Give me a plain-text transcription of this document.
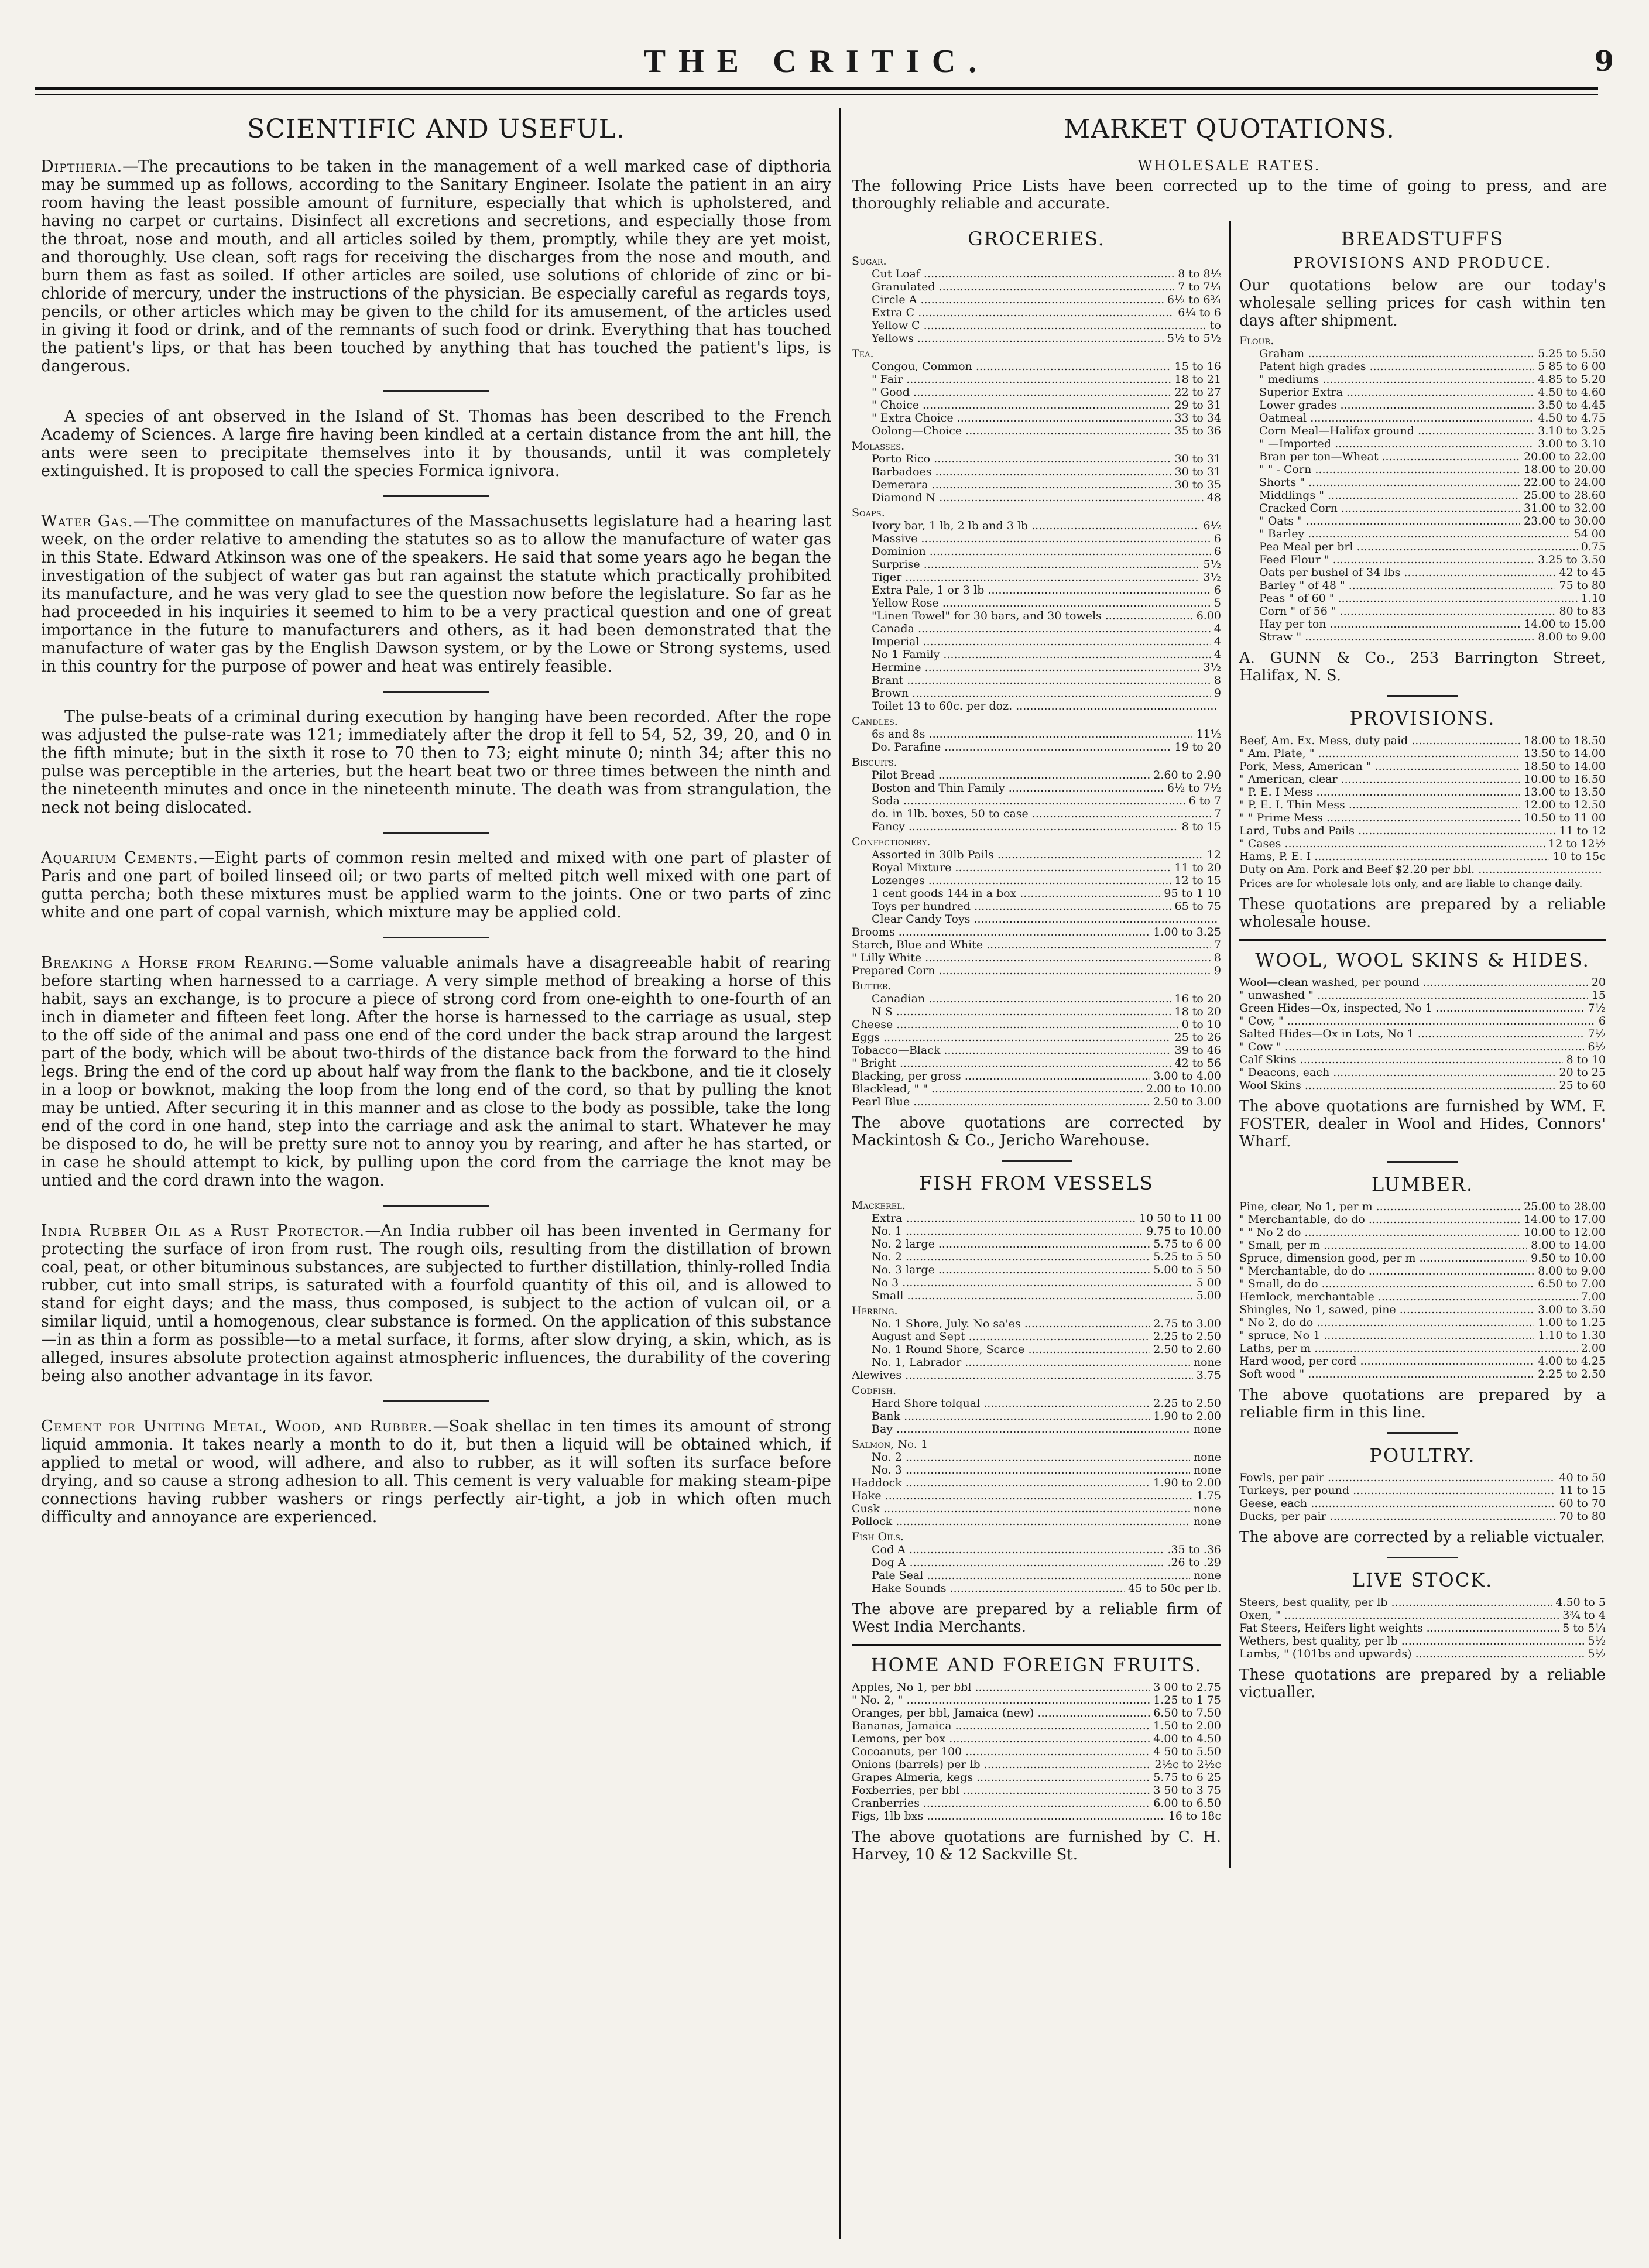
THE CRITIC.	9
SCIENTIFIC AND USEFUL.

Diptheria.—The precautions to be taken in the management of a well marked case of dipthoria may be summed up as follows, according to the Sanitary Engineer. Isolate the patient in an airy room having the least possible amount of furniture, especially that which is upholstered, and having no carpet or curtains. Disinfect all excretions and secretions, and especially those from the throat, nose and mouth, and all articles soiled by them, promptly, while they are yet moist, and thoroughly. Use clean, soft rags for receiving the discharges from the nose and mouth, and burn them as fast as soiled. If other articles are soiled, use solutions of chloride of zinc or bi-chloride of mercury, under the instructions of the physician. Be especially careful as regards toys, pencils, or other articles which may be given to the child for its amusement, of the articles used in giving it food or drink, and of the remnants of such food or drink. Everything that has touched the patient's lips, or that has been touched by anything that has touched the patient's lips, is dangerous.

A species of ant observed in the Island of St. Thomas has been described to the French Academy of Sciences. A large fire having been kindled at a certain distance from the ant hill, the ants were seen to precipitate themselves into it by thousands, until it was completely extinguished. It is proposed to call the species Formica ignivora.

Water Gas.—The committee on manufactures of the Massachusetts legislature had a hearing last week, on the order relative to amending the statutes so as to allow the manufacture of water gas in this State. Edward Atkinson was one of the speakers. He said that some years ago he began the investigation of the subject of water gas but ran against the statute which practically prohibited its manufacture, and he was very glad to see the question now before the legislature. So far as he had proceeded in his inquiries it seemed to him to be a very practical question and one of great importance in the future to manufacturers and others, as it had been demonstrated that the manufacture of water gas by the English Dawson system, or by the Lowe or Strong systems, used in this country for the purpose of power and heat was entirely feasible.

The pulse-beats of a criminal during execution by hanging have been recorded. After the rope was adjusted the pulse-rate was 121; immediately after the drop it fell to 54, 52, 39, 20, and 0 in the fifth minute; but in the sixth it rose to 70 then to 73; eight minute 0; ninth 34; after this no pulse was perceptible in the arteries, but the heart beat two or three times between the ninth and the nineteenth minutes and once in the nineteenth minute. The death was from strangulation, the neck not being dislocated.

Aquarium Cements.—Eight parts of common resin melted and mixed with one part of plaster of Paris and one part of boiled linseed oil; or two parts of melted pitch well mixed with one part of gutta percha; both these mixtures must be applied warm to the joints. One or two parts of zinc white and one part of copal varnish, which mixture may be applied cold.

Breaking a Horse from Rearing.—Some valuable animals have a disagreeable habit of rearing before starting when harnessed to a carriage. A very simple method of breaking a horse of this habit, says an exchange, is to procure a piece of strong cord from one-eighth to one-fourth of an inch in diameter and fifteen feet long. After the horse is harnessed to the carriage as usual, step to the off side of the animal and pass one end of the cord under the back strap around the largest part of the body, which will be about two-thirds of the distance back from the forward to the hind legs. Bring the end of the cord up about half way from the flank to the backbone, and tie it closely in a loop or bowknot, making the loop from the long end of the cord, so that by pulling the knot may be untied. After securing it in this manner and as close to the body as possible, take the long end of the cord in one hand, step into the carriage and ask the animal to start. Whatever he may be disposed to do, he will be pretty sure not to annoy you by rearing, and after he has started, or in case he should attempt to kick, by pulling upon the cord from the carriage the knot may be untied and the cord drawn into the wagon.

India Rubber Oil as a Rust Protector.—An India rubber oil has been invented in Germany for protecting the surface of iron from rust. The rough oils, resulting from the distillation of brown coal, peat, or other bituminous substances, are subjected to further distillation, thinly-rolled India rubber, cut into small strips, is saturated with a fourfold quantity of this oil, and is allowed to stand for eight days; and the mass, thus composed, is subject to the action of vulcan oil, or a similar liquid, until a homogenous, clear substance is formed. On the application of this substance—in as thin a form as possible—to a metal surface, it forms, after slow drying, a skin, which, as is alleged, insures absolute protection against atmospheric influences, the durability of the covering being also another advantage in its favor.

Cement for Uniting Metal, Wood, and Rubber.—Soak shellac in ten times its amount of strong liquid ammonia. It takes nearly a month to do it, but then a liquid will be obtained which, if applied to metal or wood, will adhere, and also to rubber, as it will soften its surface before drying, and so cause a strong adhesion to all. This cement is very valuable for making steam-pipe connections having rubber washers or rings perfectly air-tight, a job in which often much difficulty and annoyance are experienced.

MARKET QUOTATIONS.
WHOLESALE RATES.
The following Price Lists have been corrected up to the time of going to press, and are thoroughly reliable and accurate.
GROCERIES.
Sugar.
Cut Loaf .....	8 to 8½
Granulated .....	7 to 7¼
Circle A .....	6½ to 6¾
Extra C .....	6¼ to 6
Yellow C .....	to
Yellows .....	5½ to 5½
Tea.
Congou, Common .....	15 to 16
" Fair .....	18 to 21
" Good .....	22 to 27
" Choice .....	29 to 31
" Extra Choice .....	33 to 34
Oolong—Choice .....	35 to 36
Molasses.
Porto Rico .....	30 to 31
Barbadoes .....	30 to 31
Demerara .....	30 to 35
Diamond N .....	48
Soaps.
Ivory bar, 1 lb, 2 lb and 3 lb .....	6½
Massive .....	6
Dominion .....	6
Surprise .....	5½
Tiger .....	3½
Extra Pale, 1 or 3 lb .....	6
Yellow Rose .....	5
"Linen Towel" for 30 bars, and 30 towels .....	6.00
Canada .....	4
Imperial .....	4
No 1 Family .....	4
Hermine .....	3½
Brant .....	8
Brown .....	9
Toilet 13 to 60c. per doz. .....
Candles.
6s and 8s .....	11½
Do. Parafine .....	19 to 20
Biscuits.
Pilot Bread .....	2.60 to 2.90
Boston and Thin Family .....	6½ to 7½
Soda .....	6 to 7
do. in 1lb. boxes, 50 to case .....	7
Fancy .....	8 to 15
Confectionery.
Assorted in 30lb Pails .....	12
Royal Mixture .....	11 to 20
Lozenges .....	12 to 15
1 cent goods 144 in a box .....	95 to 1 10
Toys per hundred .....	65 to 75
Clear Candy Toys .....
Brooms .....	1.00 to 3.25
Starch, Blue and White .....	7
" Lilly White .....	8
Prepared Corn .....	9
Butter.
Canadian .....	16 to 20
N S .....	18 to 20
Cheese .....	0 to 10
Eggs .....	25 to 26
Tobacco—Black .....	39 to 46
" Bright .....	42 to 56
Blacking, per gross .....	3.00 to 4.00
Blacklead, " " .....	2.00 to 10.00
Pearl Blue .....	2.50 to 3.00
The above quotations are corrected by Mackintosh & Co., Jericho Warehouse.
FISH FROM VESSELS
Mackerel.
Extra .....	10 50 to 11 00
No. 1 .....	9.75 to 10.00
No. 2 large .....	5.75 to 6 00
No. 2 .....	5.25 to 5 50
No. 3 large .....	5.00 to 5 50
No 3 .....	5 00
Small .....	5.00
Herring.
No. 1 Shore, July. No sa'es .....	2.75 to 3.00
August and Sept .....	2.25 to 2.50
No. 1 Round Shore, Scarce .....	2.50 to 2.60
No. 1, Labrador .....	none
Alewives .....	3.75
Codfish.
Hard Shore tolqual .....	2.25 to 2.50
Bank .....	1.90 to 2.00
Bay .....	none
Salmon, No. 1
No. 2 .....	none
No. 3 .....	none
Haddock .....	1.90 to 2.00
Hake .....	1.75
Cusk .....	none
Pollock .....	none
Fish Oils.
Cod A .....	.35 to .36
Dog A .....	.26 to .29
Pale Seal .....	none
Hake Sounds .....	45 to 50c per lb.
The above are prepared by a reliable firm of West India Merchants.
HOME AND FOREIGN FRUITS.
Apples, No 1, per bbl .....	3 00 to 2.75
" No. 2, " .....	1.25 to 1 75
Oranges, per bbl, Jamaica (new) .....	6.50 to 7.50
Bananas, Jamaica .....	1.50 to 2.00
Lemons, per box .....	4.00 to 4.50
Cocoanuts, per 100 .....	4 50 to 5.50
Onions (barrels) per lb .....	2½c to 2½c
Grapes Almeria, kegs .....	5.75 to 6 25
Foxberries, per bbl .....	3 50 to 3 75
Cranberries .....	6.00 to 6.50
Figs, 1lb bxs .....	16 to 18c
The above quotations are furnished by C. H. Harvey, 10 & 12 Sackville St.
BREADSTUFFS
PROVISIONS AND PRODUCE.
Our quotations below are our today's wholesale selling prices for cash within ten days after shipment.
Flour.
Graham .....	5.25 to 5.50
Patent high grades .....	5 85 to 6 00
" mediums .....	4.85 to 5.20
Superior Extra .....	4.50 to 4.60
Lower grades .....	3.50 to 4.45
Oatmeal .....	4.50 to 4.75
Corn Meal—Halifax ground .....	3.10 to 3.25
" —Imported .....	3.00 to 3.10
Bran per ton—Wheat .....	20.00 to 22.00
" " - Corn .....	18.00 to 20.00
Shorts " .....	22.00 to 24.00
Middlings " .....	25.00 to 28.60
Cracked Corn .....	31.00 to 32.00
" Oats " .....	23.00 to 30.00
" Barley .....	54 00
Pea Meal per brl .....	0.75
Feed Flour " .....	3.25 to 3.50
Oats per bushel of 34 lbs .....	42 to 45
Barley " of 48 " .....	75 to 80
Peas " of 60 " .....	1.10
Corn " of 56 " .....	80 to 83
Hay per ton .....	14.00 to 15.00
Straw " .....	8.00 to 9.00
A. GUNN & Co., 253 Barrington Street, Halifax, N. S.
PROVISIONS.
Beef, Am. Ex. Mess, duty paid .....	18.00 to 18.50
" Am. Plate, " .....	13.50 to 14.00
Pork, Mess, American " .....	18.50 to 14.00
" American, clear .....	10.00 to 16.50
" P. E. I Mess .....	13.00 to 13.50
" P. E. I. Thin Mess .....	12.00 to 12.50
" " Prime Mess .....	10.50 to 11 00
Lard, Tubs and Pails .....	11 to 12
" Cases .....	12 to 12½
Hams, P. E. I .....	10 to 15c
Duty on Am. Pork and Beef $2.20 per bbl. .....
Prices are for wholesale lots only, and are liable to change daily.
These quotations are prepared by a reliable wholesale house.
WOOL, WOOL SKINS & HIDES.
Wool—clean washed, per pound .....	20
" unwashed " .....	15
Green Hides—Ox, inspected, No 1 .....	7½
" Cow, " .....	6
Salted Hides—Ox in Lots, No 1 .....	7½
" Cow " .....	6½
Calf Skins .....	8 to 10
" Deacons, each .....	20 to 25
Wool Skins .....	25 to 60
The above quotations are furnished by WM. F. FOSTER, dealer in Wool and Hides, Connors' Wharf.
LUMBER.
Pine, clear, No 1, per m .....	25.00 to 28.00
" Merchantable, do do .....	14.00 to 17.00
" " No 2 do .....	10.00 to 12.00
" Small, per m .....	8.00 to 14.00
Spruce, dimension good, per m .....	9.50 to 10.00
" Merchantable, do do .....	8.00 to 9.00
" Small, do do .....	6.50 to 7.00
Hemlock, merchantable .....	7.00
Shingles, No 1, sawed, pine .....	3.00 to 3.50
" No 2, do do .....	1.00 to 1.25
" spruce, No 1 .....	1.10 to 1.30
Laths, per m .....	2.00
Hard wood, per cord .....	4.00 to 4.25
Soft wood " .....	2.25 to 2.50
The above quotations are prepared by a reliable firm in this line.
POULTRY.
Fowls, per pair .....	40 to 50
Turkeys, per pound .....	11 to 15
Geese, each .....	60 to 70
Ducks, per pair .....	70 to 80
The above are corrected by a reliable victualer.
LIVE STOCK.
Steers, best quality, per lb .....	4.50 to 5
Oxen, " .....	3¾ to 4
Fat Steers, Heifers light weights .....	5 to 5¼
Wethers, best quality, per lb .....	5½
Lambs, " (101bs and upwards) .....	5½
These quotations are prepared by a reliable victualler.
